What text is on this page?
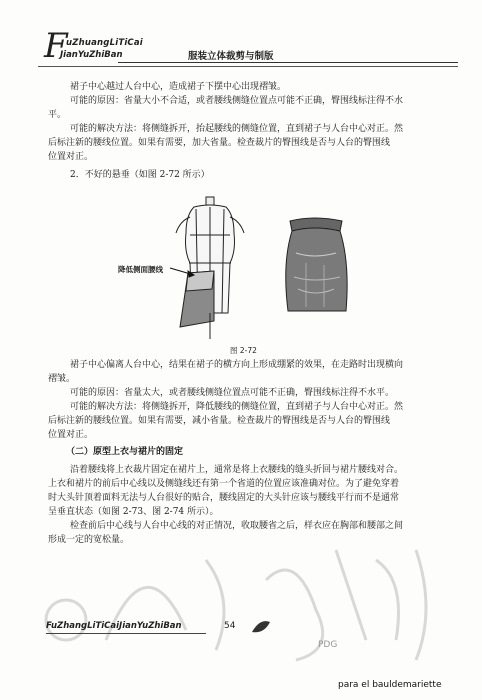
F
uZhuangLiTiCai
JianYuZhiBan	服装立体裁剪与制版
裙子中心越过人台中心，造成裙子下摆中心出现褶皱。
可能的原因：省量大小不合适，或者腰线侧缝位置点可能不正确，臀围线标注得不水
平。
可能的解决方法：将侧缝拆开，抬起腰线的侧缝位置，直到裙子与人台中心对正。然
后标注新的腰线位置。如果有需要，加大省量。检查裁片的臀围线是否与人台的臀围线
位置对正。
2．不好的悬垂（如图 2-72 所示）
降低侧面腰线
图 2-72
裙子中心偏离人台中心，结果在裙子的横方向上形成绷紧的效果，在走路时出现横向
褶皱。
可能的原因：省量太大，或者腰线侧缝位置点可能不正确，臀围线标注得不水平。
可能的解决方法：将侧缝拆开，降低腰线的侧缝位置，直到裙子与人台中心对正。然
后标注新的腰线位置。如果有需要，减小省量。检查裁片的臀围线是否与人台的臀围线
位置对正。
（二）原型上衣与裙片的固定
沿着腰线将上衣裁片固定在裙片上，通常是将上衣腰线的缝头折回与裙片腰线对合。
上衣和裙片的前后中心线以及侧缝线还有第一个省道的位置应该准确对位。为了避免穿着
时大头针顶着面料无法与人台很好的贴合，腰线固定的大头针应该与腰线平行而不是通常
呈垂直状态（如图 2-73、图 2-74 所示）。
检查前后中心线与人台中心线的对正情况，收取腰省之后，样衣应在胸部和腰部之间
形成一定的宽松量。
FuZhangLiTiCaiJianYuZhiBan	54
PDG
para el bauldemariette
